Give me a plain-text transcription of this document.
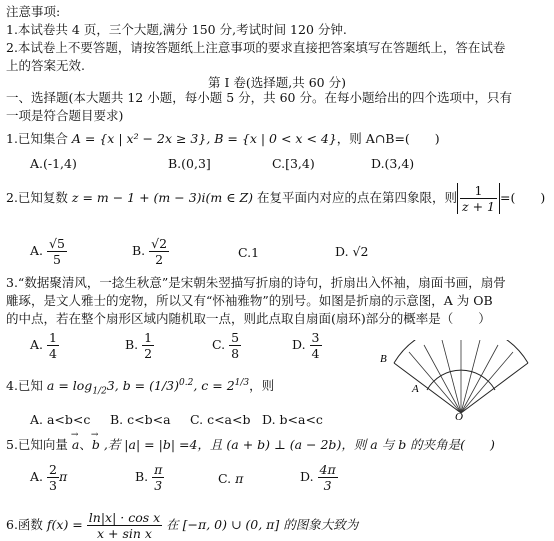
注意事项:
1.本试卷共 4 页，三个大题,满分 150 分,考试时间 120 分钟.
2.本试卷上不要答题，请按答题纸上注意事项的要求直接把答案填写在答题纸上，答在试卷
上的答案无效.
第 I 卷(选择题,共 60 分)
一、选择题(本大题共 12 小题，每小题 5 分，共 60 分。在每小题给出的四个选项中，只有
一项是符合题目要求)
1.已知集合 A = {x | x² − 2x ≥ 3}, B = {x | 0 < x < 4}，则 A∩B=(　　)
A.(-1,4)	B.(0,3]	C.[3,4)	D.(3,4)
2.已知复数 z = m − 1 + (m − 3)i(m ∈ Z) 在复平面内对应的点在第四象限，则 $\frac{1}{z + 1}$ =(　　)
A. $\frac{√5}{5}$	B. $\frac{√2}{2}$	C.1	D. √2
3.“数据聚清风，一捻生秋意”是宋朝朱翌描写折扇的诗句，折扇出入怀袖，扇面书画，扇骨
雕琢，是文人雅士的宠物，所以又有“怀袖雅物”的别号。如图是折扇的示意图，A 为 OB
的中点，若在整个扇形区域内随机取一点，则此点取自扇面(扇环)部分的概率是（　　）
A. $\frac{1}{4}$	B. $\frac{1}{2}$	C. $\frac{5}{8}$	D. $\frac{3}{4}$	B
A
O
4.已知 $a = \log_{1/2}3$, $b = (1/3)^{0.2}$, $c = 2^{1/3}$，则
A. a<b<c B. c<b<a C. c<a<b D. b<a<c
5.已知向量 → a、→ b ,若 |a| = |b| =4，且 (a + b) ⊥ (a − 2b)，则 a 与 b 的夹角是(　　)
A. $\frac{2}{3}$ π	B. $\frac{\pi}{3}$	C. π	D. $\frac{4\pi}{3}$
6.函数 $f(x) = \frac{\text{ln|x| · cos x}}{\text{x + sin x}}$ 在 [−π, 0) ∪ (0, π] 的图象大致为
